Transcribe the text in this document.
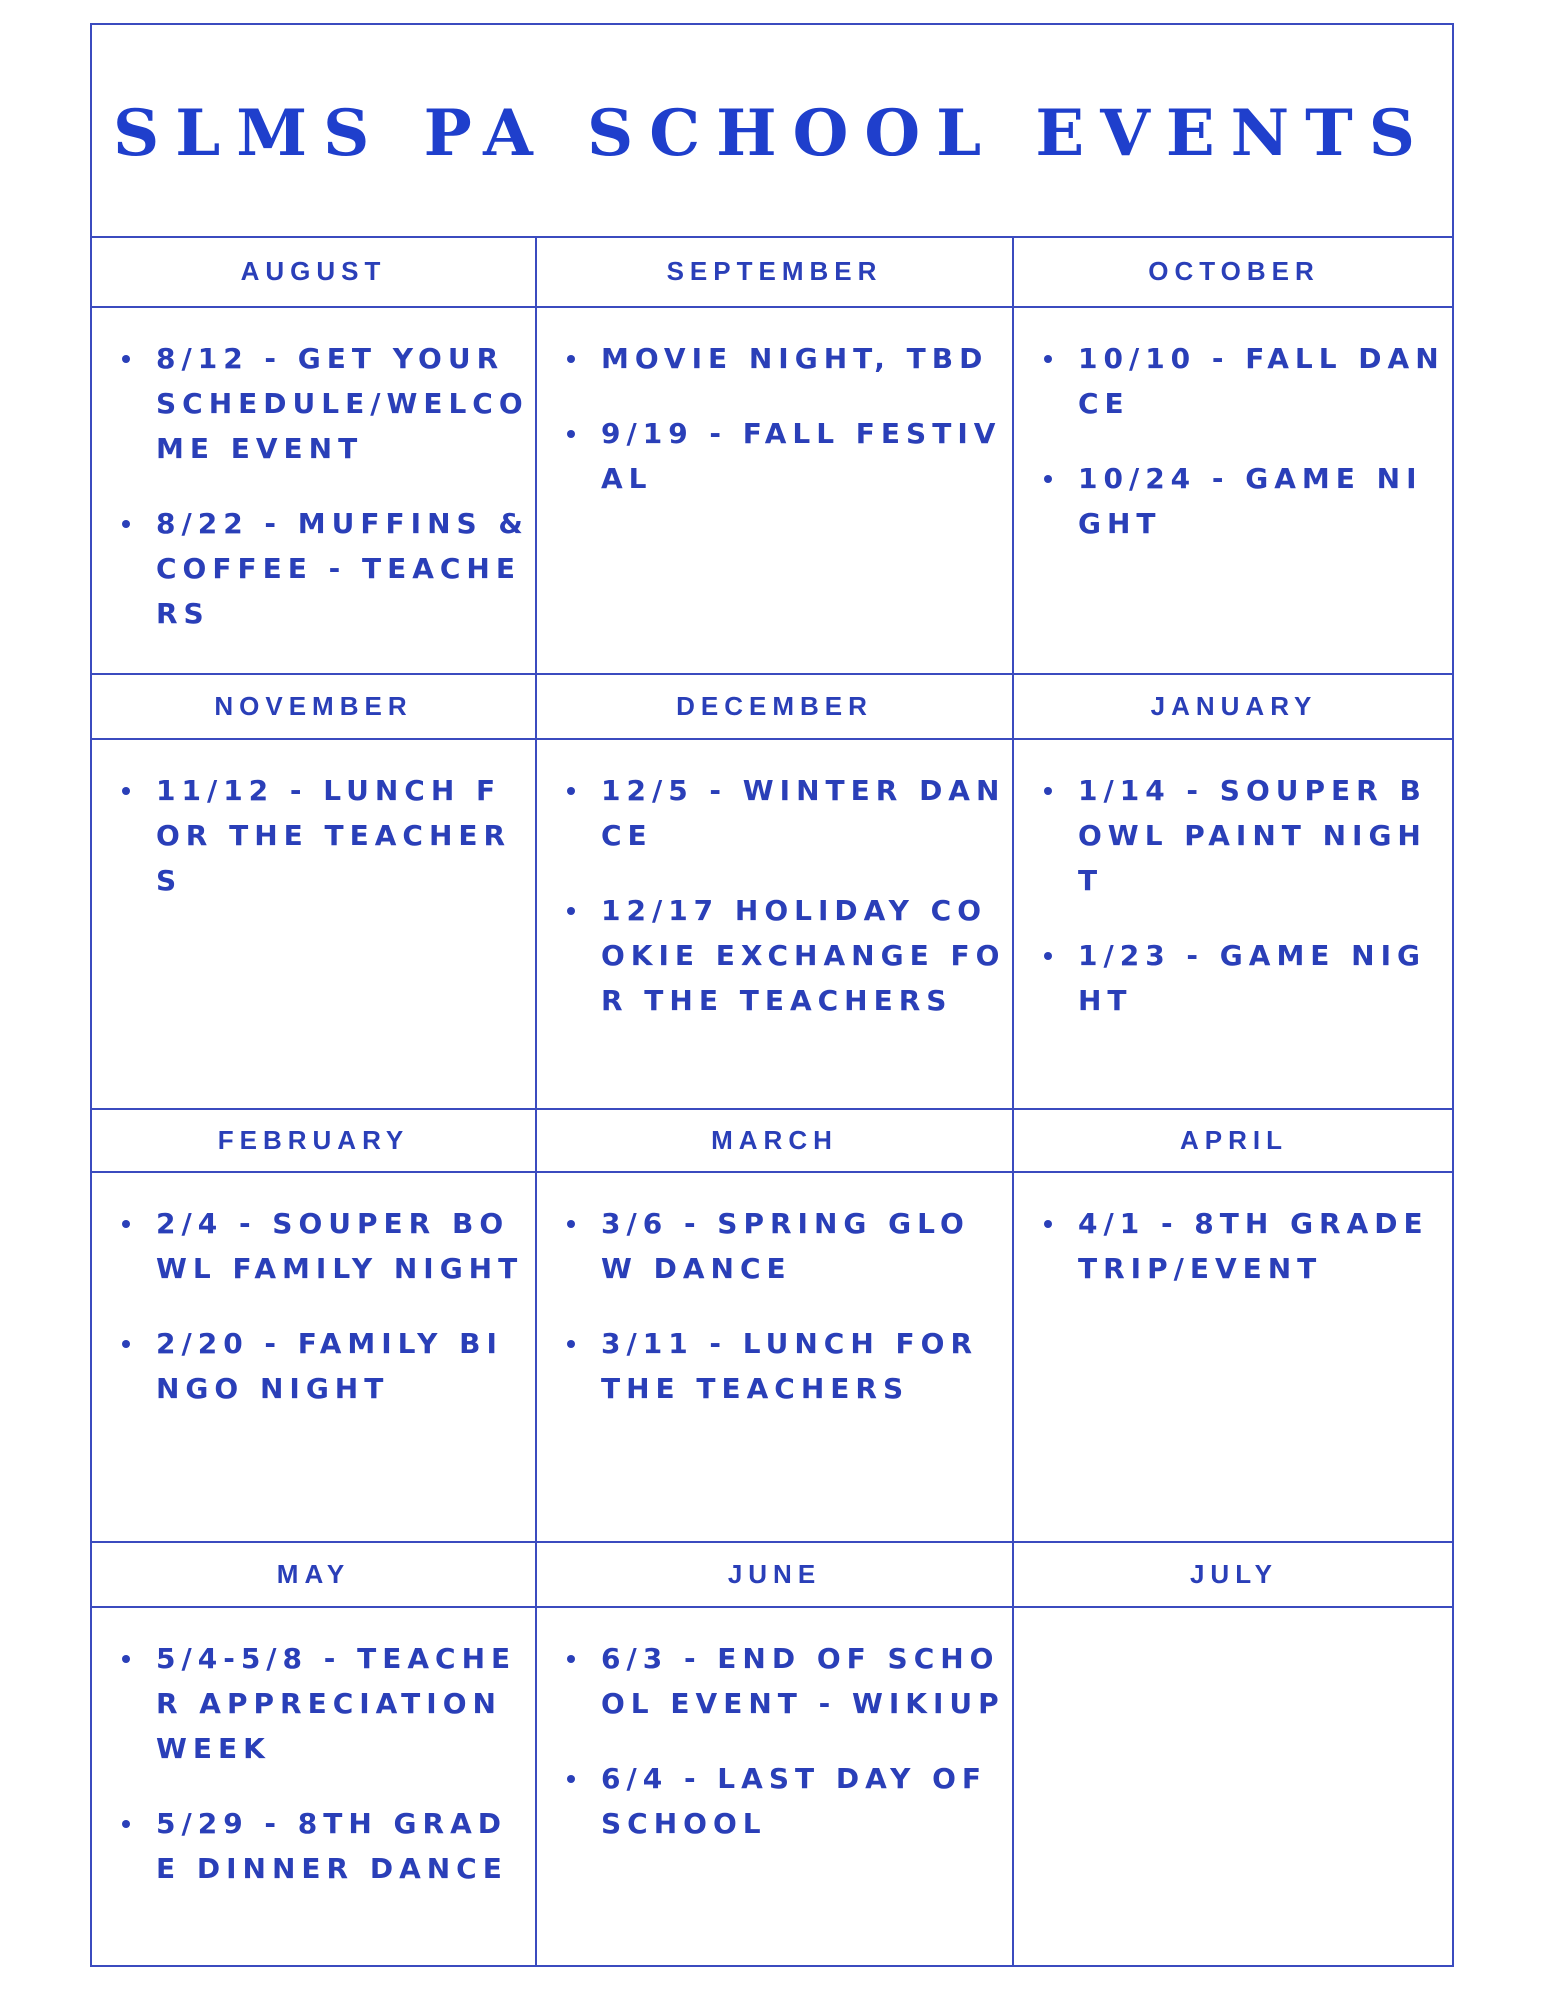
SLMS PA SCHOOL EVENTS
AUGUST
8/12 - GET YOUR SCHEDULE/WELCOME EVENT
8/22 - MUFFINS & COFFEE - TEACHERS
SEPTEMBER
MOVIE NIGHT, TBD
9/19 - FALL FESTIVAL
OCTOBER
10/10 - FALL DANCE
10/24 - GAME NIGHT
NOVEMBER
11/12 - LUNCH FOR THE TEACHERS
DECEMBER
12/5 - WINTER DANCE
12/17 HOLIDAY COOKIE EXCHANGE FOR THE TEACHERS
JANUARY
1/14 - SOUPER BOWL PAINT NIGHT
1/23 - GAME NIGHT
FEBRUARY
2/4 - SOUPER BOWL FAMILY NIGHT
2/20 - FAMILY BINGO NIGHT
MARCH
3/6 - SPRING GLOW DANCE
3/11 - LUNCH FOR THE TEACHERS
APRIL
4/1 - 8TH GRADE TRIP/EVENT
MAY
5/4-5/8 - TEACHER APPRECIATION WEEK
5/29 - 8TH GRADE DINNER DANCE
JUNE
6/3 - END OF SCHOOL EVENT - WIKIUP
6/4 - LAST DAY OF SCHOOL
JULY
